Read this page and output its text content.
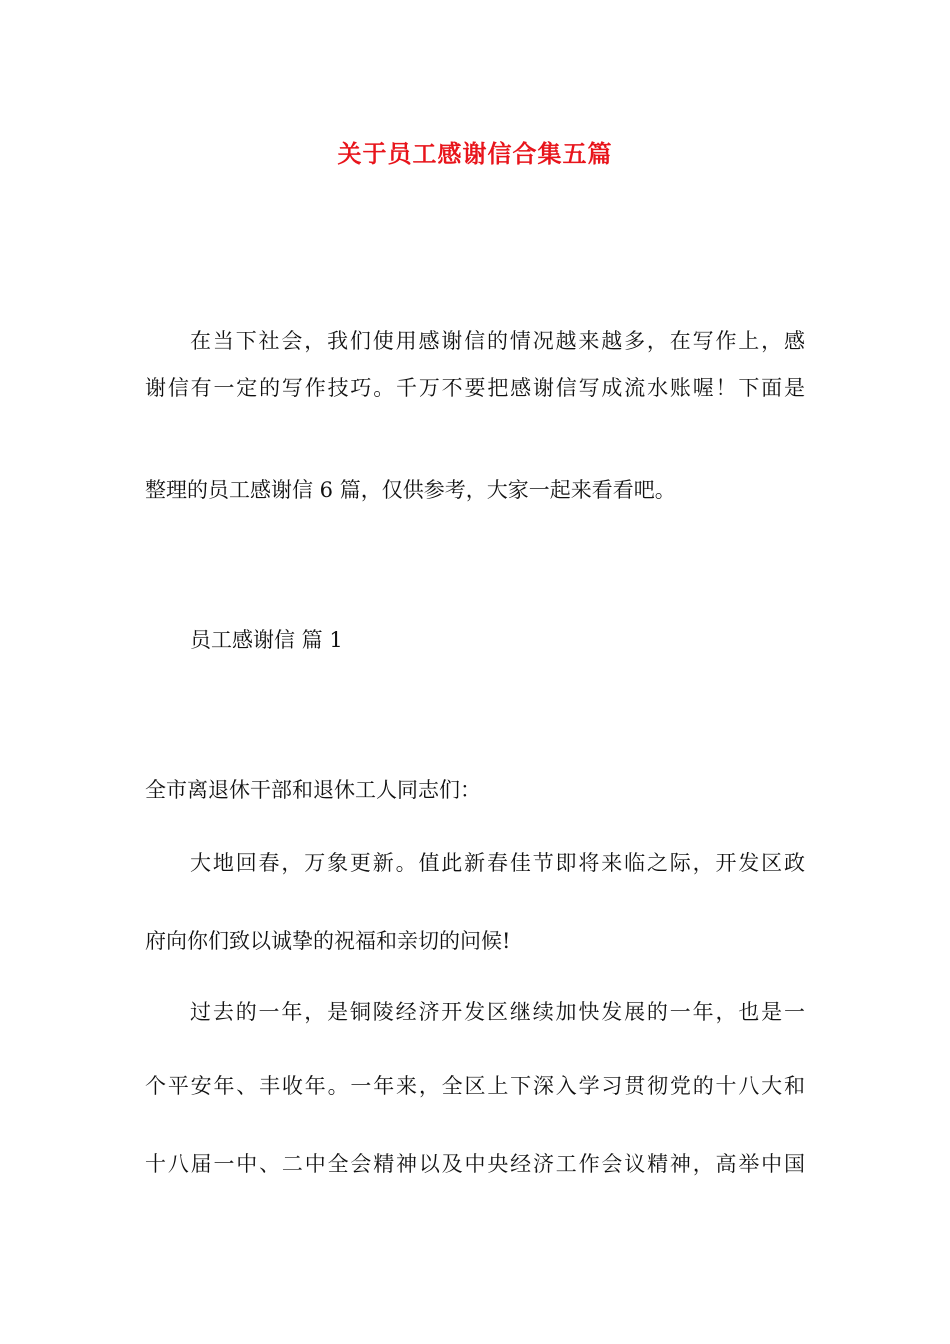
关于员工感谢信合集五篇
在当下社会，我们使用感谢信的情况越来越多，在写作上，感
谢信有一定的写作技巧。千万不要把感谢信写成流水账喔！下面是
整理的员工感谢信 6 篇，仅供参考，大家一起来看看吧。
员工感谢信 篇 1
全市离退休干部和退休工人同志们：
大地回春，万象更新。值此新春佳节即将来临之际，开发区政
府向你们致以诚挚的祝福和亲切的问候!
过去的一年，是铜陵经济开发区继续加快发展的一年，也是一
个平安年、丰收年。一年来，全区上下深入学习贯彻党的十八大和
十八届一中、二中全会精神以及中央经济工作会议精神，高举中国
